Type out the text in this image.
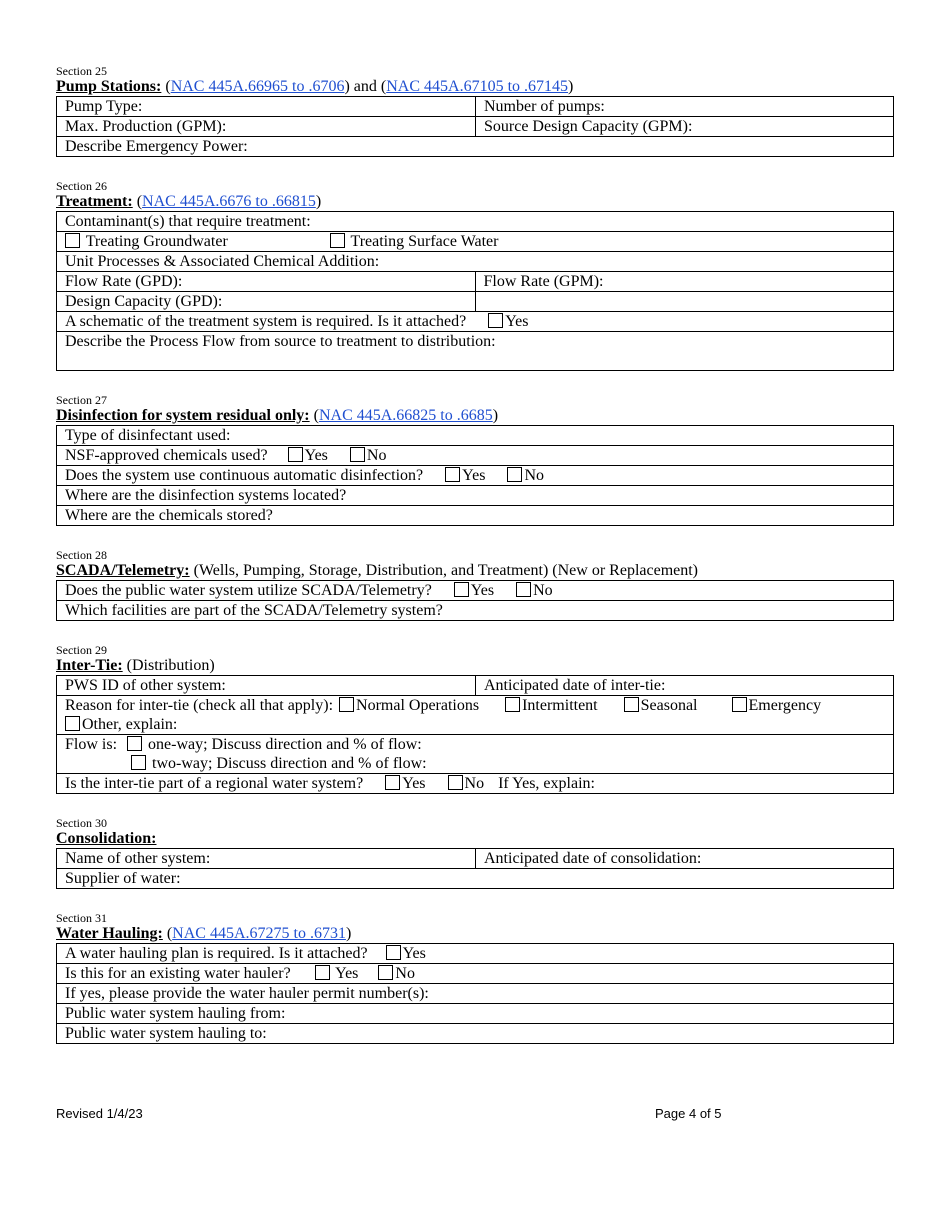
Section 25

Pump Stations: (NAC 445A.66965 to .6706) and (NAC 445A.67105 to .67145)

Pump Type:	Number of pumps:
Max. Production (GPM):	Source Design Capacity (GPM):
Describe Emergency Power:	

Section 26

Treatment: (NAC 445A.6676 to .66815)

Contaminant(s) that require treatment:	
Treating Groundwater Treating Surface Water	
Unit Processes & Associated Chemical Addition:	
Flow Rate (GPD):	Flow Rate (GPM):
Design Capacity (GPD):	
A schematic of the treatment system is required. Is it attached? Yes	
Describe the Process Flow from source to treatment to distribution:	

Section 27

Disinfection for system residual only: (NAC 445A.66825 to .6685)

Type of disinfectant used:
NSF-approved chemicals used? Yes No
Does the system use continuous automatic disinfection? Yes No
Where are the disinfection systems located?
Where are the chemicals stored?

Section 28

SCADA/Telemetry: (Wells, Pumping, Storage, Distribution, and Treatment) (New or Replacement)

Does the public water system utilize SCADA/Telemetry? Yes No
Which facilities are part of the SCADA/Telemetry system?

Section 29

Inter-Tie: (Distribution)

PWS ID of other system:	Anticipated date of inter-tie:
Reason for inter-tie (check all that apply): Normal Operations	Intermittent	Seasonal	Emergency
Other, explain:
Flow is: one-way; Discuss direction and % of flow:
two-way; Discuss direction and % of flow:
Is the inter-tie part of a regional water system? Yes No If Yes, explain:

Section 30

Consolidation:

Name of other system:	Anticipated date of consolidation:
Supplier of water:

Section 31

Water Hauling: (NAC 445A.67275 to .6731)

A water hauling plan is required. Is it attached? Yes
Is this for an existing water hauler?	Yes No
If yes, please provide the water hauler permit number(s):
Public water system hauling from:
Public water system hauling to:
Revised 1/4/23	Page 4 of 5
